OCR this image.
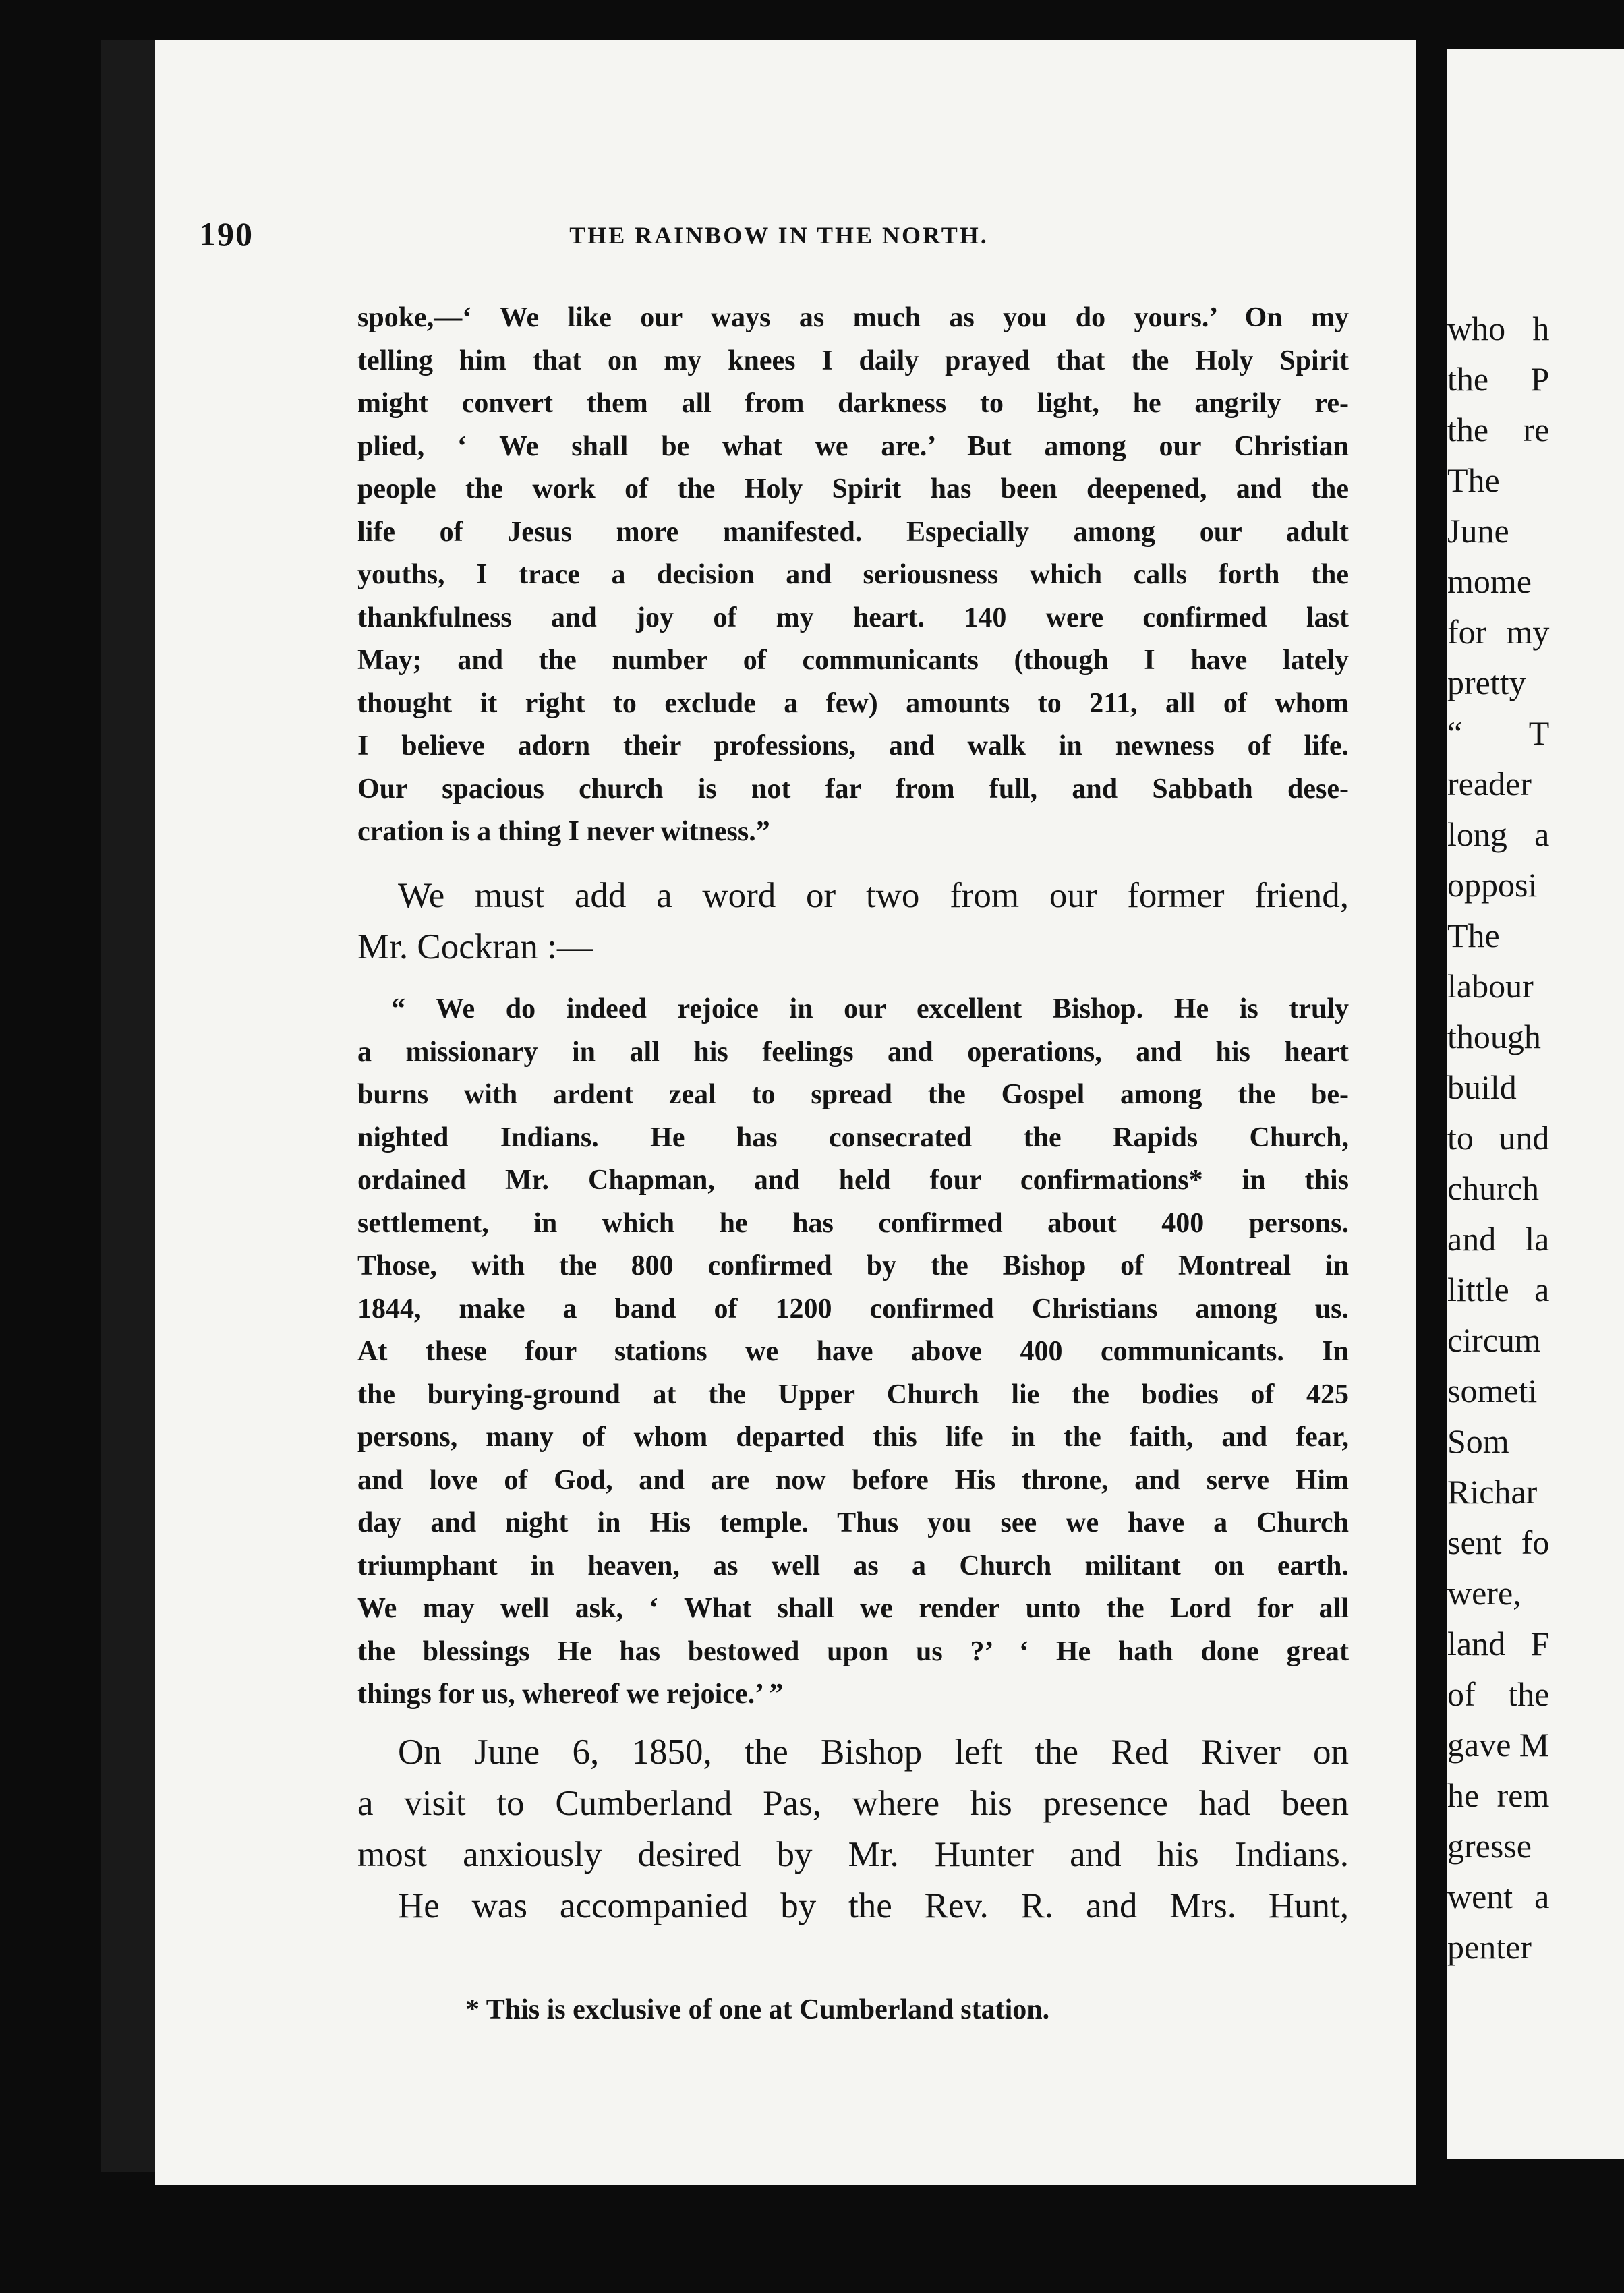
who h
the P
the re
The
June
mome
for my
pretty
“ T
reader
long a
opposi
The
labour
though
build
to und
church
and la
little a
circum
someti
Som
Richar
sent fo
were,
land F
of the
gave M
he rem
gresse
went a
penter
190	THE RAINBOW IN THE NORTH.
spoke,—‘ We like our ways as much as you do yours.’ On my
telling him that on my knees I daily prayed that the Holy Spirit
might convert them all from darkness to light, he angrily re-
plied, ‘ We shall be what we are.’ But among our Christian
people the work of the Holy Spirit has been deepened, and the
life of Jesus more manifested. Especially among our adult
youths, I trace a decision and seriousness which calls forth the
thankfulness and joy of my heart. 140 were confirmed last
May; and the number of communicants (though I have lately
thought it right to exclude a few) amounts to 211, all of whom
I believe adorn their professions, and walk in newness of life.
Our spacious church is not far from full, and Sabbath dese-
cration is a thing I never witness.”
We must add a word or two from our former friend,
Mr. Cockran :—
“ We do indeed rejoice in our excellent Bishop. He is truly
a missionary in all his feelings and operations, and his heart
burns with ardent zeal to spread the Gospel among the be-
nighted Indians. He has consecrated the Rapids Church,
ordained Mr. Chapman, and held four confirmations* in this
settlement, in which he has confirmed about 400 persons.
Those, with the 800 confirmed by the Bishop of Montreal in
1844, make a band of 1200 confirmed Christians among us.
At these four stations we have above 400 communicants. In
the burying-ground at the Upper Church lie the bodies of 425
persons, many of whom departed this life in the faith, and fear,
and love of God, and are now before His throne, and serve Him
day and night in His temple. Thus you see we have a Church
triumphant in heaven, as well as a Church militant on earth.
We may well ask, ‘ What shall we render unto the Lord for all
the blessings He has bestowed upon us ?’ ‘ He hath done great
things for us, whereof we rejoice.’ ”
On June 6, 1850, the Bishop left the Red River on
a visit to Cumberland Pas, where his presence had been
most anxiously desired by Mr. Hunter and his Indians.
He was accompanied by the Rev. R. and Mrs. Hunt,
* This is exclusive of one at Cumberland station.
